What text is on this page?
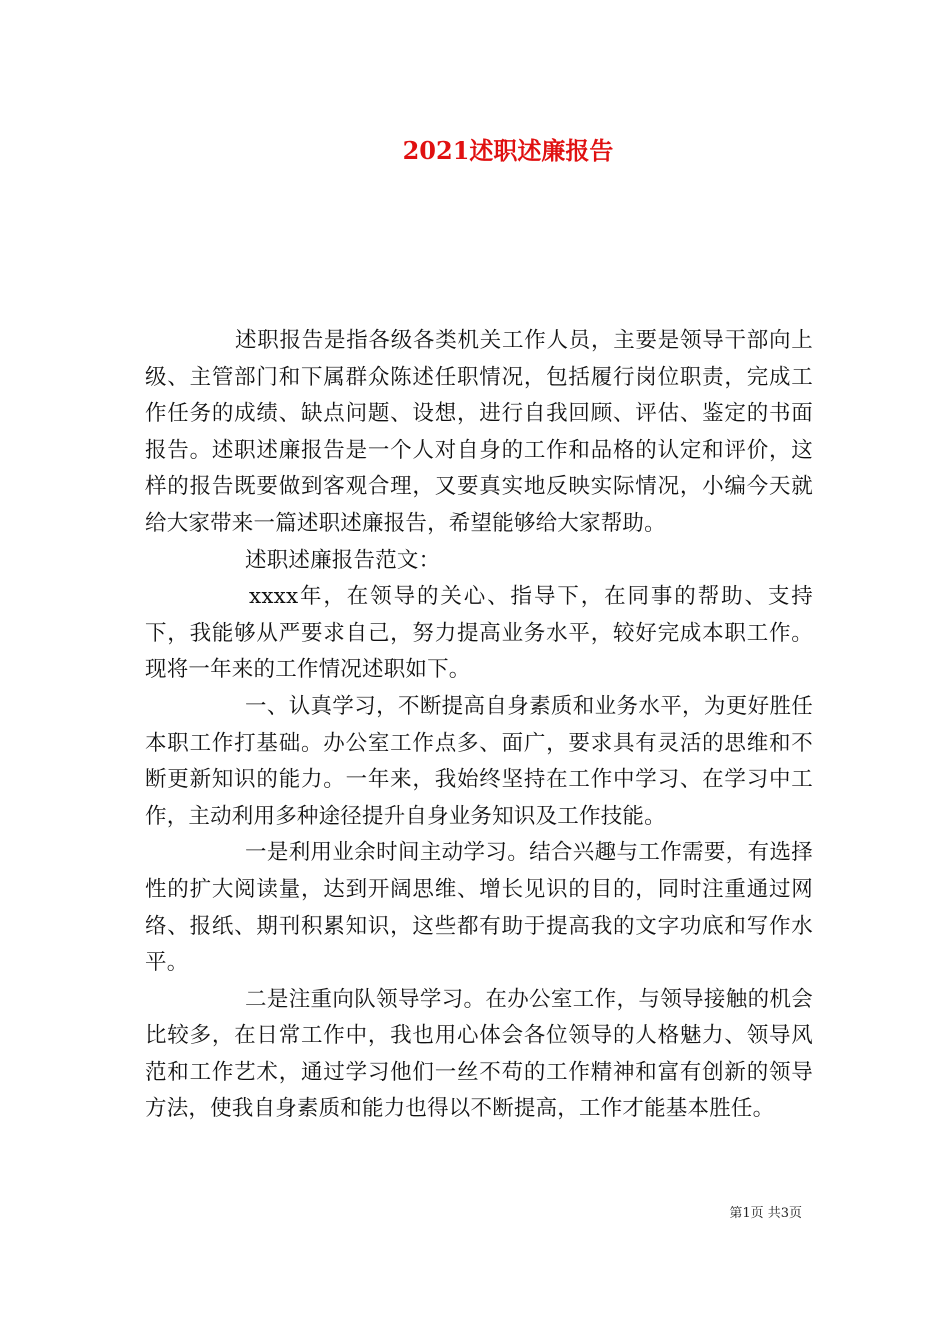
2021述职述廉报告

述职报告是指各级各类机关工作人员，主要是领导干部向上级、主管部门和下属群众陈述任职情况，包括履行岗位职责，完成工作任务的成绩、缺点问题、设想，进行自我回顾、评估、鉴定的书面报告。述职述廉报告是一个人对自身的工作和品格的认定和评价，这样的报告既要做到客观合理，又要真实地反映实际情况，小编今天就给大家带来一篇述职述廉报告，希望能够给大家帮助。

述职述廉报告范文：

xxxx年，在领导的关心、指导下，在同事的帮助、支持下，我能够从严要求自己，努力提高业务水平，较好完成本职工作。现将一年来的工作情况述职如下。

一、认真学习，不断提高自身素质和业务水平，为更好胜任本职工作打基础。办公室工作点多、面广，要求具有灵活的思维和不断更新知识的能力。一年来，我始终坚持在工作中学习、在学习中工作，主动利用多种途径提升自身业务知识及工作技能。

一是利用业余时间主动学习。结合兴趣与工作需要，有选择性的扩大阅读量，达到开阔思维、增长见识的目的，同时注重通过网络、报纸、期刊积累知识，这些都有助于提高我的文字功底和写作水平。

二是注重向队领导学习。在办公室工作，与领导接触的机会比较多，在日常工作中，我也用心体会各位领导的人格魅力、领导风范和工作艺术，通过学习他们一丝不苟的工作精神和富有创新的领导方法，使我自身素质和能力也得以不断提高，工作才能基本胜任。

第1页 共3页
